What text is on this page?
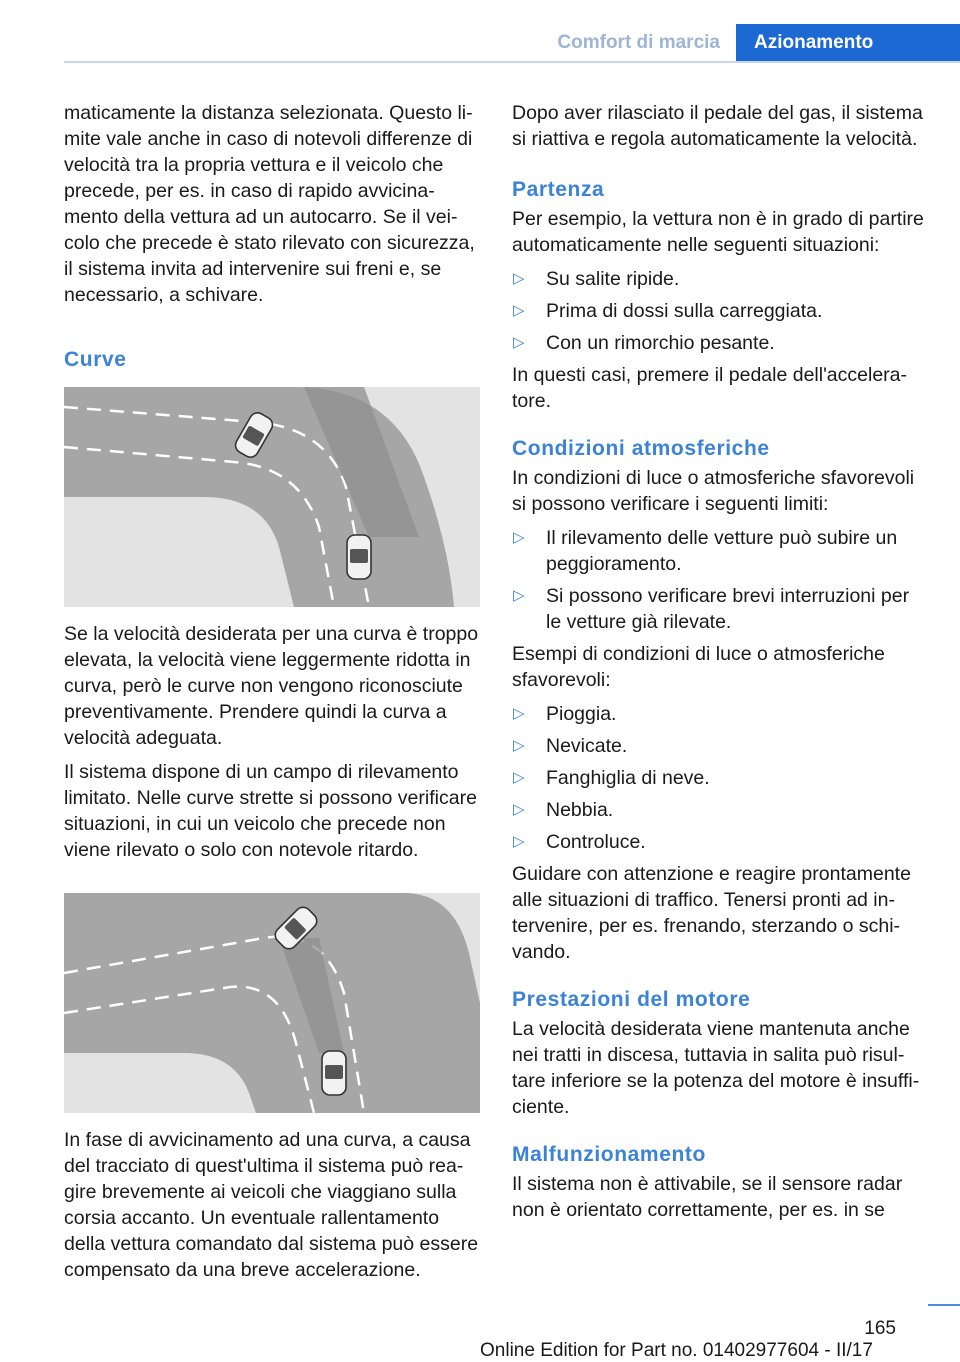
Comfort di marcia	Azionamento

maticamente la distanza selezionata. Questo limite vale anche in caso di notevoli differenze di velocità tra la propria vettura e il veicolo che precede, per es. in caso di rapido avvicinamento della vettura ad un autocarro. Se il veicolo che precede è stato rilevato con sicurezza, il sistema invita ad intervenire sui freni e, se necessario, a schivare.

Curve

Se la velocità desiderata per una curva è troppo elevata, la velocità viene leggermente ridotta in curva, però le curve non vengono riconosciute preventivamente. Prendere quindi la curva a velocità adeguata.

Il sistema dispone di un campo di rilevamento limitato. Nelle curve strette si possono verificare situazioni, in cui un veicolo che precede non viene rilevato o solo con notevole ritardo.

In fase di avvicinamento ad una curva, a causa del tracciato di quest'ultima il sistema può reagire brevemente ai veicoli che viaggiano sulla corsia accanto. Un eventuale rallentamento della vettura comandato dal sistema può essere compensato da una breve accelerazione.

Dopo aver rilasciato il pedale del gas, il sistema si riattiva e regola automaticamente la velocità.

Partenza

Per esempio, la vettura non è in grado di partire automaticamente nelle seguenti situazioni:

▷ Su salite ripide.
▷ Prima di dossi sulla carreggiata.
▷ Con un rimorchio pesante.

In questi casi, premere il pedale dell'acceleratore.

Condizioni atmosferiche

In condizioni di luce o atmosferiche sfavorevoli si possono verificare i seguenti limiti:

▷ Il rilevamento delle vetture può subire un peggioramento.
▷ Si possono verificare brevi interruzioni per le vetture già rilevate.

Esempi di condizioni di luce o atmosferiche sfavorevoli:

▷ Pioggia.
▷ Nevicate.
▷ Fanghiglia di neve.
▷ Nebbia.
▷ Controluce.

Guidare con attenzione e reagire prontamente alle situazioni di traffico. Tenersi pronti ad intervenire, per es. frenando, sterzando o schivando.

Prestazioni del motore

La velocità desiderata viene mantenuta anche nei tratti in discesa, tuttavia in salita può risultare inferiore se la potenza del motore è insufficiente.

Malfunzionamento

Il sistema non è attivabile, se il sensore radar non è orientato correttamente, per es. in se

165
Online Edition for Part no. 01402977604 - II/17
